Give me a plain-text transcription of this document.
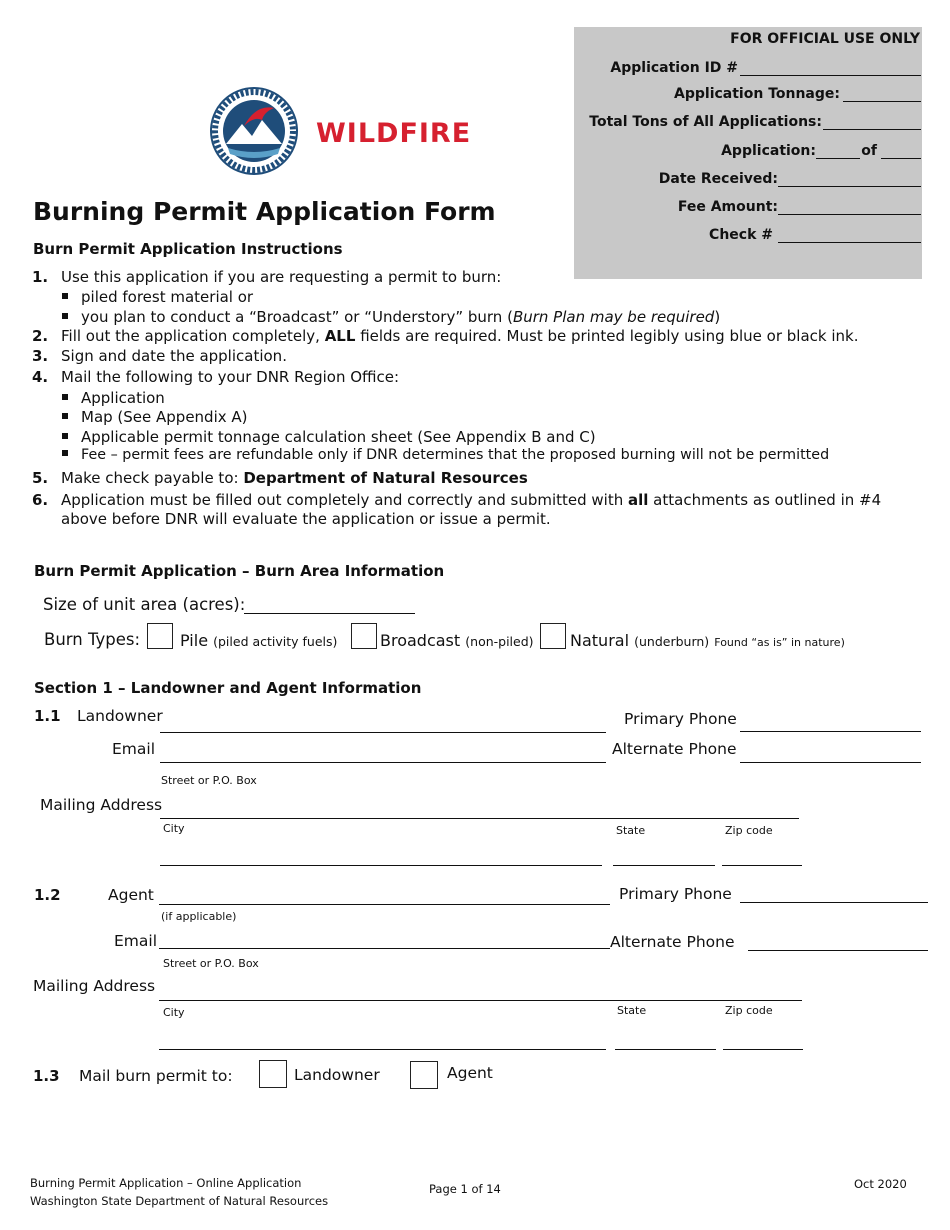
WILDFIRE
Burning Permit Application Form
FOR OFFICIAL USE ONLY
Application ID #
Application Tonnage:
Total Tons of All Applications:
Application:	of
Date Received:
Fee Amount:
Check #
Burn Permit Application Instructions
1. Use this application if you are requesting a permit to burn:
piled forest material or
you plan to conduct a “Broadcast” or “Understory” burn (Burn Plan may be required)
2. Fill out the application completely, ALL fields are required. Must be printed legibly using blue or black ink.
3. Sign and date the application.
4. Mail the following to your DNR Region Office:
Application
Map (See Appendix A)
Applicable permit tonnage calculation sheet (See Appendix B and C)
Fee – permit fees are refundable only if DNR determines that the proposed burning will not be permitted
5. Make check payable to: Department of Natural Resources
6. Application must be filled out completely and correctly and submitted with all attachments as outlined in #4
above before DNR will evaluate the application or issue a permit.
Burn Permit Application – Burn Area Information
Size of unit area (acres):
Burn Types: Pile (piled activity fuels)	Broadcast (non-piled) Natural (underburn) Found “as is” in nature)
Section 1 – Landowner and Agent Information
1.1 Landowner	Primary Phone
Email	Alternate Phone
Street or P.O. Box
Mailing Address
City	State	Zip code
1.2	Agent	Primary Phone
(if applicable)
Email	Alternate Phone
Street or P.O. Box
Mailing Address
City	State	Zip code
1.3 Mail burn permit to:	Landowner	Agent
Burning Permit Application – Online Application
Washington State Department of Natural Resources
Page 1 of 14	Oct 2020
